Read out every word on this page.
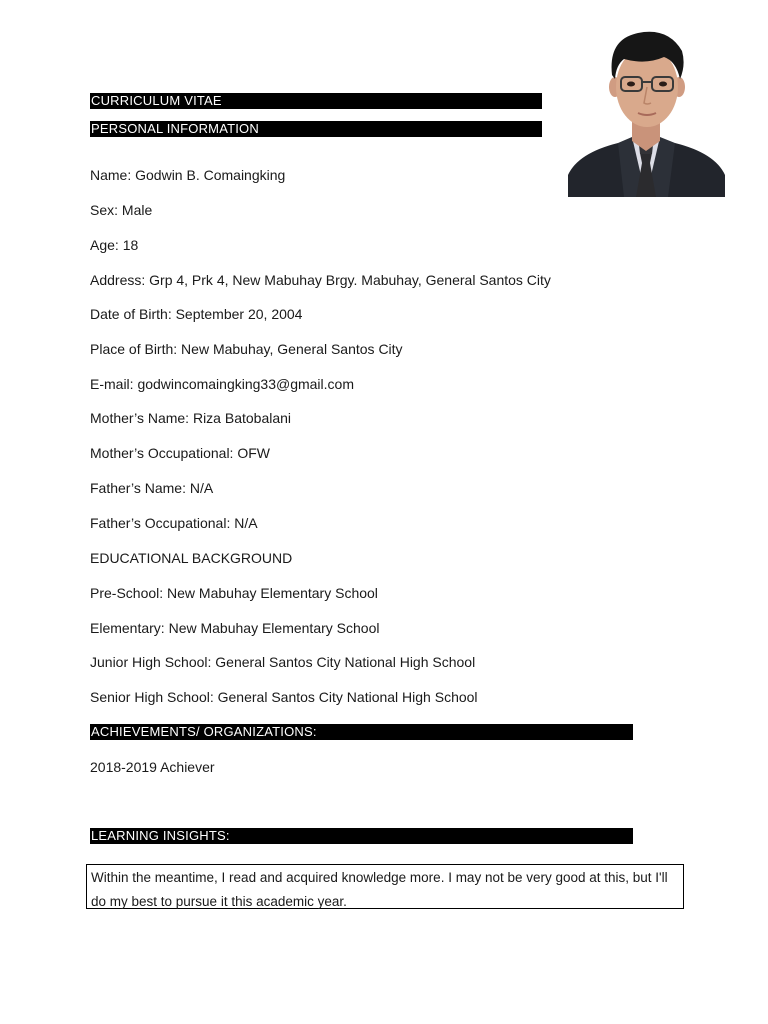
CURRICULUM VITAE
PERSONAL INFORMATION
Name: Godwin B. Comaingking
Sex: Male
Age: 18
Address: Grp 4, Prk 4, New Mabuhay Brgy. Mabuhay, General Santos City
Date of Birth: September 20, 2004
Place of Birth: New Mabuhay, General Santos City
E-mail: godwincomaingking33@gmail.com
Mother’s Name: Riza Batobalani
Mother’s Occupational: OFW
Father’s Name: N/A
Father’s Occupational: N/A
EDUCATIONAL BACKGROUND
Pre-School: New Mabuhay Elementary School
Elementary: New Mabuhay Elementary School
Junior High School: General Santos City National High School
Senior High School: General Santos City National High School
ACHIEVEMENTS/ ORGANIZATIONS:
2018-2019 Achiever
LEARNING INSIGHTS:
Within the meantime, I read and acquired knowledge more. I may not be very good at this, but I'll do my best to pursue it this academic year.
